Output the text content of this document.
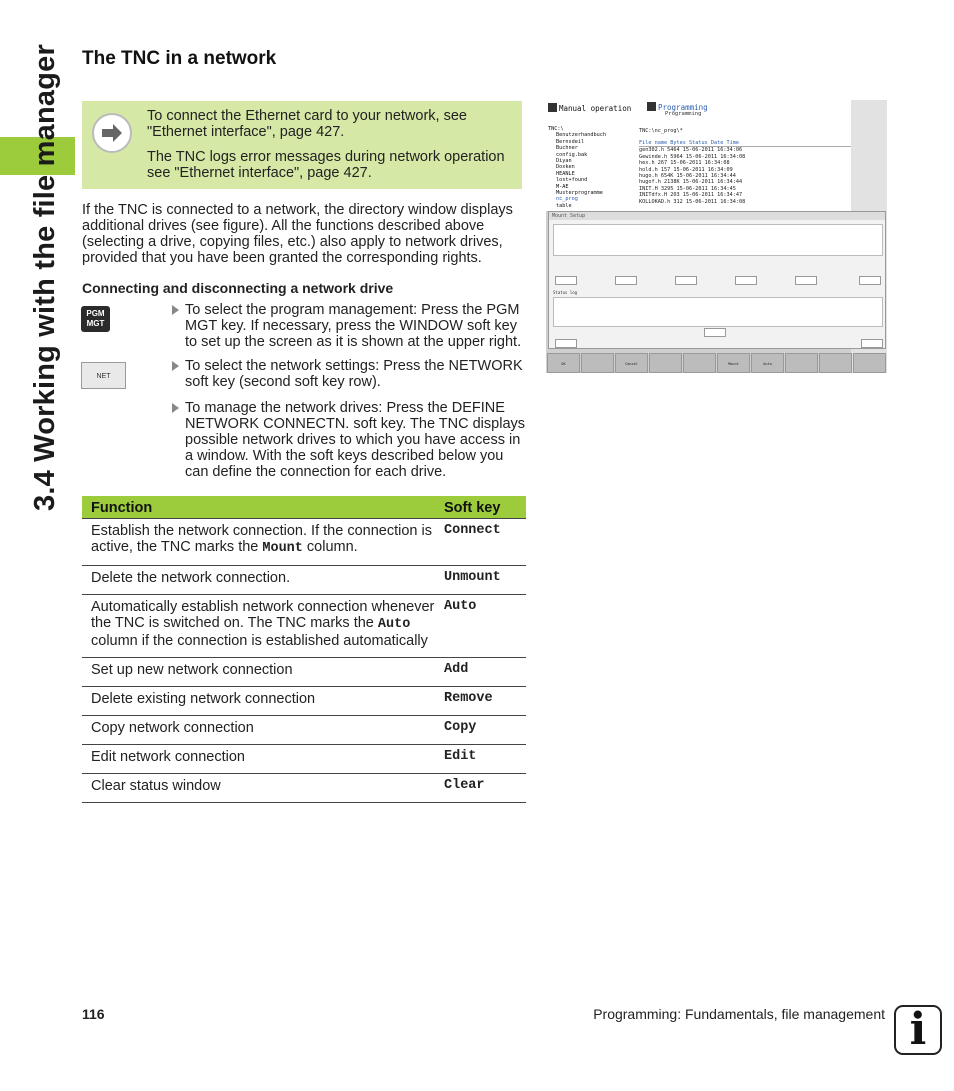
3.4 Working with the file manager	The TNC in a network

To connect the Ethernet card to your network, see "Ethernet interface", page 427.

The TNC logs error messages during network operation see "Ethernet interface", page 427.

If the TNC is connected to a network, the directory window displays additional drives (see figure). All the functions described above (selecting a drive, copying files, etc.) also apply to network drives, provided that you have been granted the corresponding rights.

Connecting and disconnecting a network drive
PGM
MGT
NET

To select the program management: Press the PGM MGT key. If necessary, press the WINDOW soft key to set up the screen as it is shown at the upper right.

To select the network settings: Press the NETWORK soft key (second soft key row).

To manage the network drives: Press the DEFINE NETWORK CONNECTN. soft key. The TNC displays possible network drives to which you have access in a window. With the soft keys described below you can define the connection for each drive.

Manual operation	Programming
Programming
TNC:\
Benutzerhandbuch
Bernsdeil
Buchner
config.bak
Diyan
Doxken
HEANLE
lost+found
M-AE
Musterprogramme
nc_prog
table
TNC:\nc_prog\*
File name Bytes Status Date Time
gen302.h 5464 15-06-2011 16:34:06
Gewinde.h 5964 15-06-2011 16:34:08
hex.h 267 15-06-2011 16:34:08
hold.h 157 15-06-2011 16:34:09
hugo.h 654K 15-06-2011 16:34:44
hugof.h 2138K 15-06-2011 16:34:44
INIT.H 3295 15-06-2011 16:34:45
INITdfx.H 203 15-06-2011 16:34:47
KOLLOKAD.h 312 15-06-2011 16:34:08
Mount Setup
Status log
OK	Cancel	Mount	Auto
Function	Soft key
Establish the network connection. If the connection is active, the TNC marks the Mount column.	Connect
Delete the network connection.	Unmount
Automatically establish network connection whenever the TNC is switched on. The TNC marks the Auto column if the connection is established automatically	Auto
Set up new network connection	Add
Delete existing network connection	Remove
Copy network connection	Copy
Edit network connection	Edit
Clear status window	Clear
116	Programming: Fundamentals, file management i
